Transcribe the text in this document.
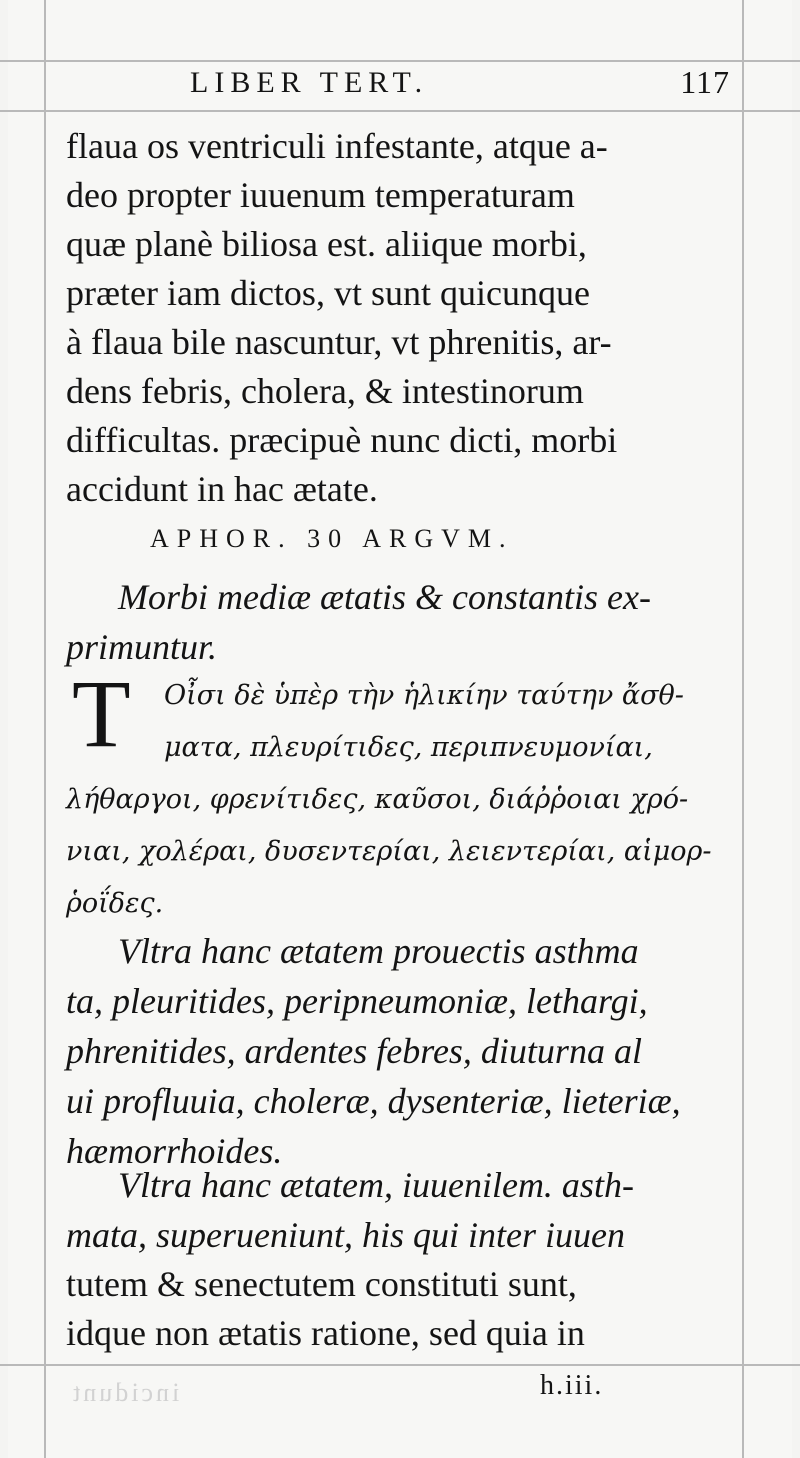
LIBER TERT.	117
flaua os ventriculi infestante, atque a-
deo propter iuuenum temperaturam
quæ planè biliosa est. aliique morbi,
præter iam dictos, vt sunt quicunque
à flaua bile nascuntur, vt phrenitis, ar-
dens febris, cholera, & intestinorum
difficultas. præcipuè nunc dicti, morbi
accidunt in hac ætate.
APHOR. 30 ARGVM.
Morbi mediæ ætatis & constantis ex-
primuntur.
T Οἶσι δὲ ὑπὲρ τὴν ἡλικίην ταύτην ἄσθ-
ματα, πλευρίτιδες, περιπνευμονίαι,
λήθαργοι, φρενίτιδες, καῦσοι, διάῤῥοιαι χρό-
νιαι, χολέραι, δυσεντερίαι, λειεντερίαι, αἱμορ-
ῥοΐδες.
Vltra hanc ætatem prouectis asthma
ta, pleuritides, peripneumoniæ, lethargi,
phrenitides, ardentes febres, diuturna al
ui profluuia, choleræ, dysenteriæ, lieteriæ,
hæmorrhoides.
Vltra hanc ætatem, iuuenilem. asth-
mata, superueniunt, his qui inter iuuen
tutem & senectutem constituti sunt,
idque non ætatis ratione, sed quia in
incidunt	h.iii.
